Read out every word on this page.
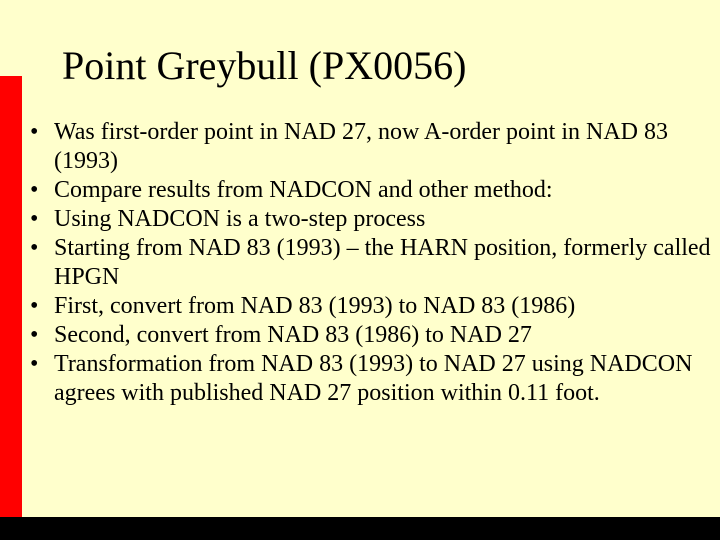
Point Greybull (PX0056)
• Was first-order point in NAD 27, now A-order point in NAD 83 (1993)
• Compare results from NADCON and other method:
• Using NADCON is a two-step process
• Starting from NAD 83 (1993) – the HARN position, formerly called HPGN
• First, convert from NAD 83 (1993) to NAD 83 (1986)
• Second, convert from NAD 83 (1986) to NAD 27
• Transformation from NAD 83 (1993) to NAD 27 using NADCON agrees with published NAD 27 position within 0.11 foot.
